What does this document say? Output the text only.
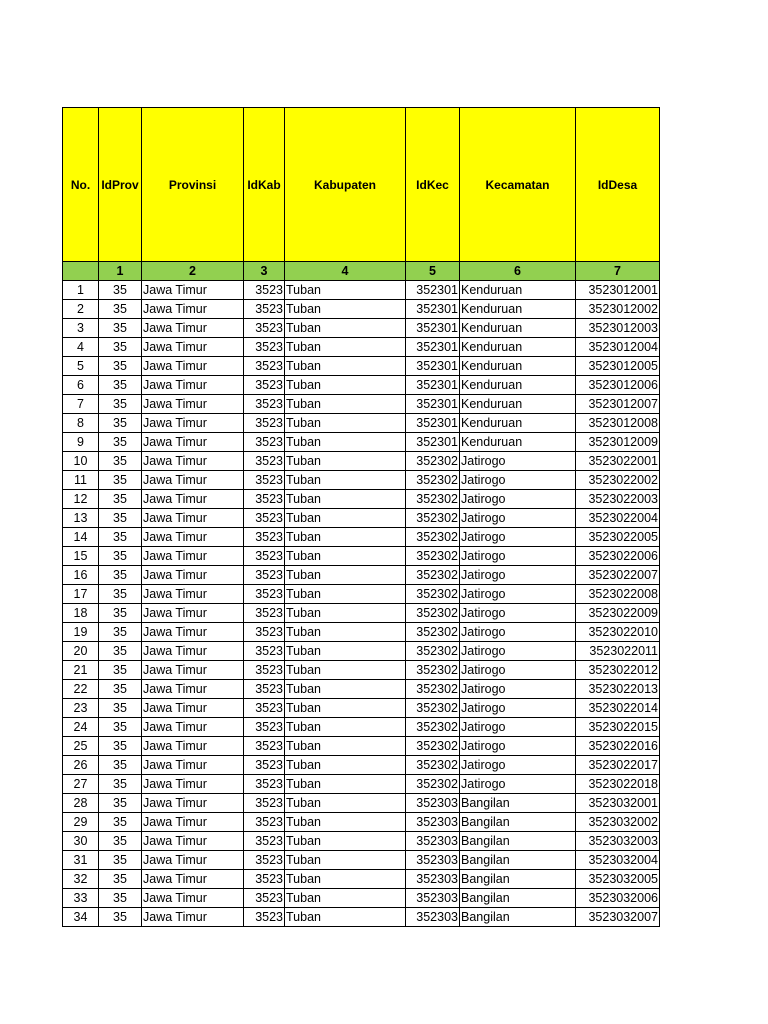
No.	IdProv	Provinsi	IdKab	Kabupaten	IdKec	Kecamatan	IdDesa
	1	2	3	4	5	6	7
1	35	Jawa Timur	3523	Tuban	352301	Kenduruan	3523012001
2	35	Jawa Timur	3523	Tuban	352301	Kenduruan	3523012002
3	35	Jawa Timur	3523	Tuban	352301	Kenduruan	3523012003
4	35	Jawa Timur	3523	Tuban	352301	Kenduruan	3523012004
5	35	Jawa Timur	3523	Tuban	352301	Kenduruan	3523012005
6	35	Jawa Timur	3523	Tuban	352301	Kenduruan	3523012006
7	35	Jawa Timur	3523	Tuban	352301	Kenduruan	3523012007
8	35	Jawa Timur	3523	Tuban	352301	Kenduruan	3523012008
9	35	Jawa Timur	3523	Tuban	352301	Kenduruan	3523012009
10	35	Jawa Timur	3523	Tuban	352302	Jatirogo	3523022001
11	35	Jawa Timur	3523	Tuban	352302	Jatirogo	3523022002
12	35	Jawa Timur	3523	Tuban	352302	Jatirogo	3523022003
13	35	Jawa Timur	3523	Tuban	352302	Jatirogo	3523022004
14	35	Jawa Timur	3523	Tuban	352302	Jatirogo	3523022005
15	35	Jawa Timur	3523	Tuban	352302	Jatirogo	3523022006
16	35	Jawa Timur	3523	Tuban	352302	Jatirogo	3523022007
17	35	Jawa Timur	3523	Tuban	352302	Jatirogo	3523022008
18	35	Jawa Timur	3523	Tuban	352302	Jatirogo	3523022009
19	35	Jawa Timur	3523	Tuban	352302	Jatirogo	3523022010
20	35	Jawa Timur	3523	Tuban	352302	Jatirogo	3523022011
21	35	Jawa Timur	3523	Tuban	352302	Jatirogo	3523022012
22	35	Jawa Timur	3523	Tuban	352302	Jatirogo	3523022013
23	35	Jawa Timur	3523	Tuban	352302	Jatirogo	3523022014
24	35	Jawa Timur	3523	Tuban	352302	Jatirogo	3523022015
25	35	Jawa Timur	3523	Tuban	352302	Jatirogo	3523022016
26	35	Jawa Timur	3523	Tuban	352302	Jatirogo	3523022017
27	35	Jawa Timur	3523	Tuban	352302	Jatirogo	3523022018
28	35	Jawa Timur	3523	Tuban	352303	Bangilan	3523032001
29	35	Jawa Timur	3523	Tuban	352303	Bangilan	3523032002
30	35	Jawa Timur	3523	Tuban	352303	Bangilan	3523032003
31	35	Jawa Timur	3523	Tuban	352303	Bangilan	3523032004
32	35	Jawa Timur	3523	Tuban	352303	Bangilan	3523032005
33	35	Jawa Timur	3523	Tuban	352303	Bangilan	3523032006
34	35	Jawa Timur	3523	Tuban	352303	Bangilan	3523032007
